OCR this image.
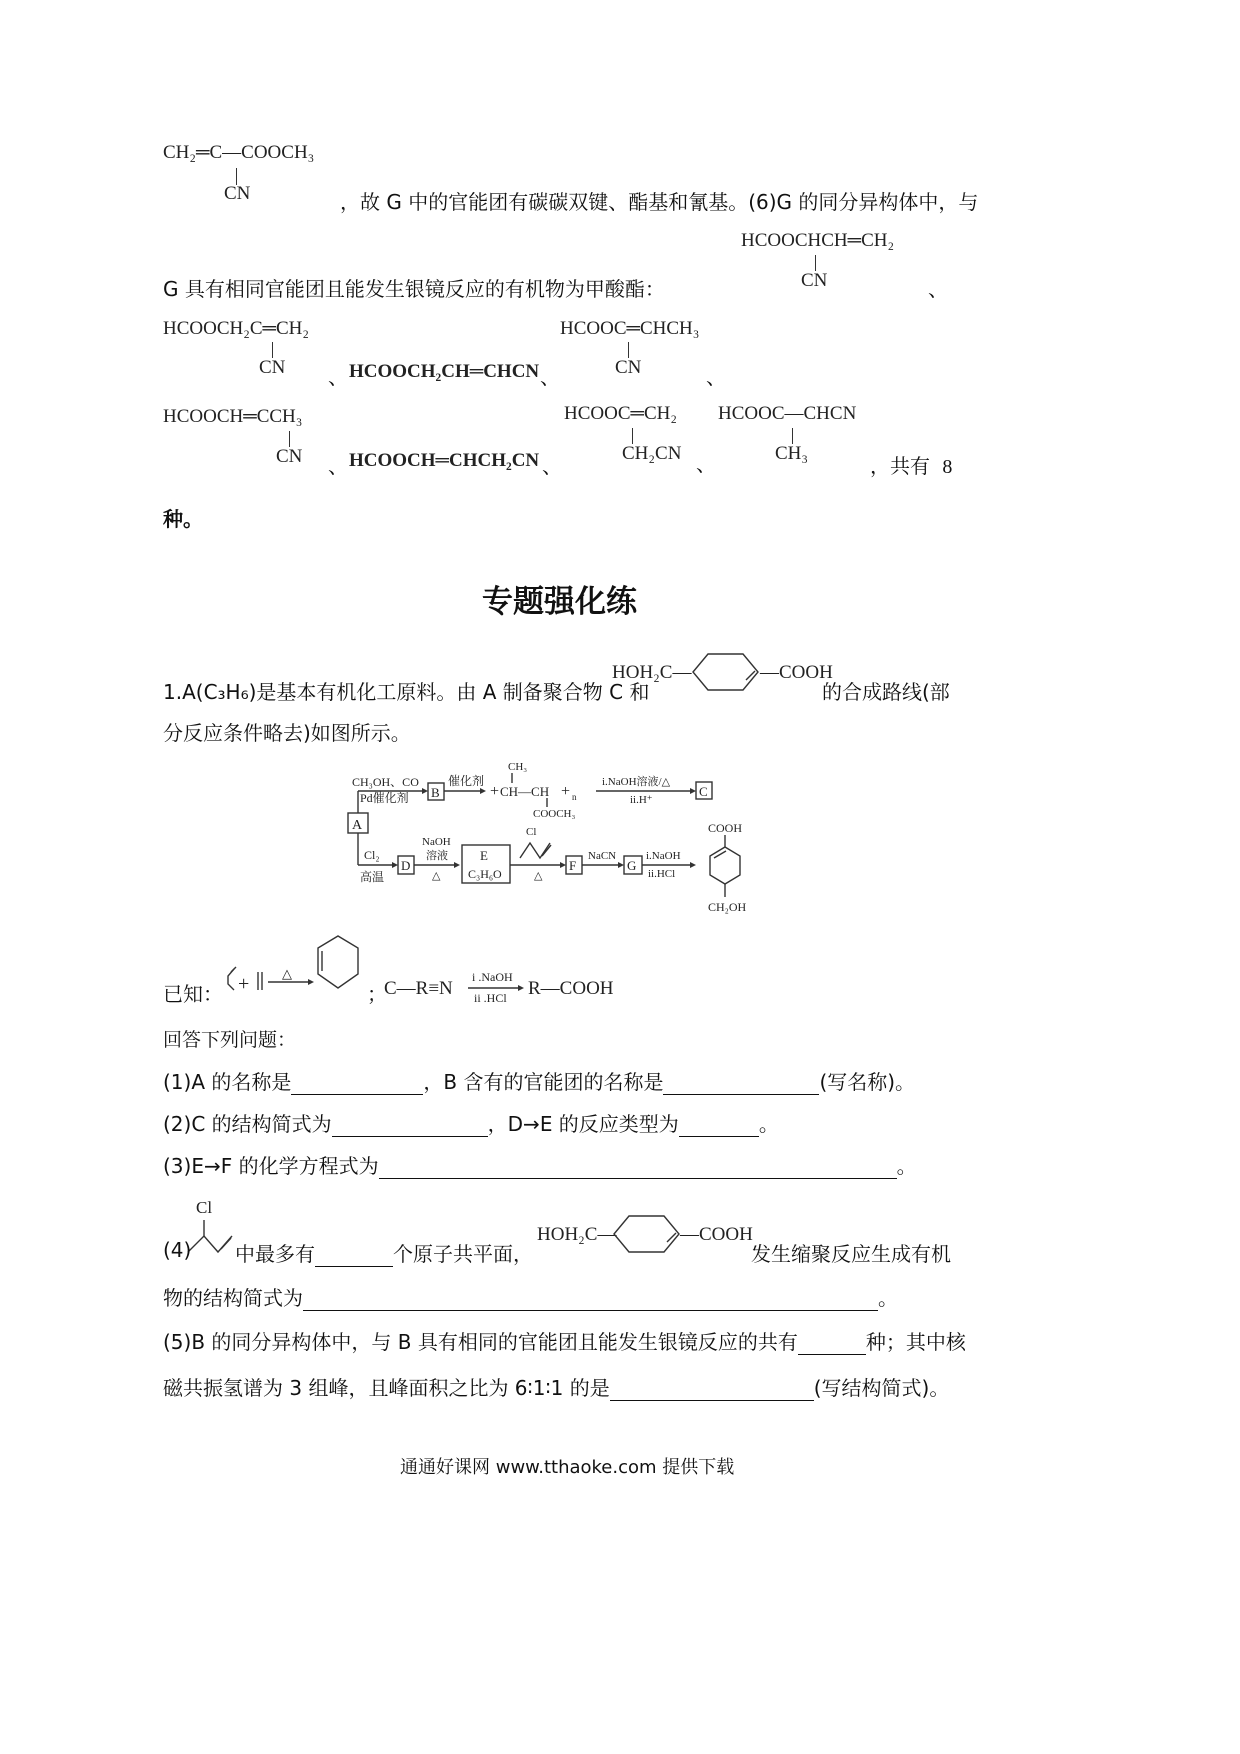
CH₂═C—COOCH₃
CN	，故 G 中的官能团有碳碳双键、酯基和氰基。(6)G 的同分异构体中，与
HCOOCHCH═CH₂
CN
G 具有相同官能团且能发生银镜反应的有机物为甲酸酯：	、
HCOOCH₂C═CH₂
CN 、 HCOOCH₂CH═CHCN 、
HCOOC═CHCH₃
CN	、
HCOOCH═CCH₃
CN 、 HCOOCH═CHCH₂CN 、
HCOOC═CH₂
CH₂CN 、
HCOOC—CHCN
CH₃
，共有 8
种。
专题强化练
1.A(C₃H₆)是基本有机化工原料。由 A 制备聚合物 C 和
HOH₂C—	—COOH
的合成路线(部
分反应条件略去)如图所示。
A
CH₃OH、CO
Pd催化剂 B
催化剂
+
CH₃
CH—CH + n
COOCH₃
i.NaOH溶液/△
ii.H⁺
C
Cl₂
高温
D
NaOH
溶液
△
E
C₃H₆O
Cl
△
F
NaCN
G
i.NaOH
ii.HCl
COOH
CH₂OH
已知： +	△
；
C—R≡N
i .NaOH
ii .HCl R—COOH
回答下列问题：
(1)A 的名称是	，B 含有的官能团的名称是	(写名称)。
(2)C 的结构简式为	，D→E 的反应类型为	。
(3)E→F 的化学方程式为	。
Cl
(4) 中最多有	个原子共平面，
HOH₂C—	—COOH
发生缩聚反应生成有机
物的结构简式为	。
(5)B 的同分异构体中，与 B 具有相同的官能团且能发生银镜反应的共有	种；其中核
磁共振氢谱为 3 组峰，且峰面积之比为 6∶1∶1 的是	(写结构简式)。
通通好课网 www.tthaoke.com 提供下载
